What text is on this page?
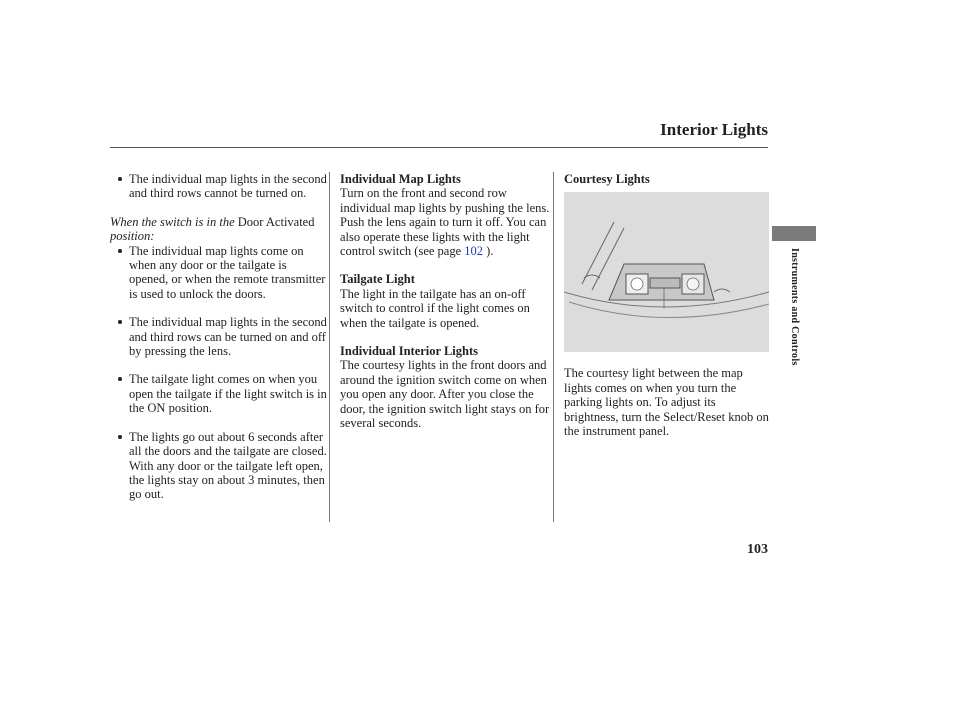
Interior Lights

The individual map lights in the second and third rows cannot be turned on.

When the switch is in the Door Activated position:

The individual map lights come on when any door or the tailgate is opened, or when the remote transmitter is used to unlock the doors.

The individual map lights in the second and third rows can be turned on and off by pressing the lens.

The tailgate light comes on when you open the tailgate if the light switch is in the ON position.

The lights go out about 6 seconds after all the doors and the tailgate are closed. With any door or the tailgate left open, the lights stay on about 3 minutes, then go out.

Individual Map Lights

Turn on the front and second row individual map lights by pushing the lens. Push the lens again to turn it off. You can also operate these lights with the light control switch (see page 102 ).

Tailgate Light

The light in the tailgate has an on-off switch to control if the light comes on when the tailgate is opened.

Individual Interior Lights

The courtesy lights in the front doors and around the ignition switch come on when you open any door. After you close the door, the ignition switch light stays on for several seconds.

Courtesy Lights

The courtesy light between the map lights comes on when you turn the parking lights on. To adjust its brightness, turn the Select/Reset knob on the instrument panel.

Instruments and Controls
103
